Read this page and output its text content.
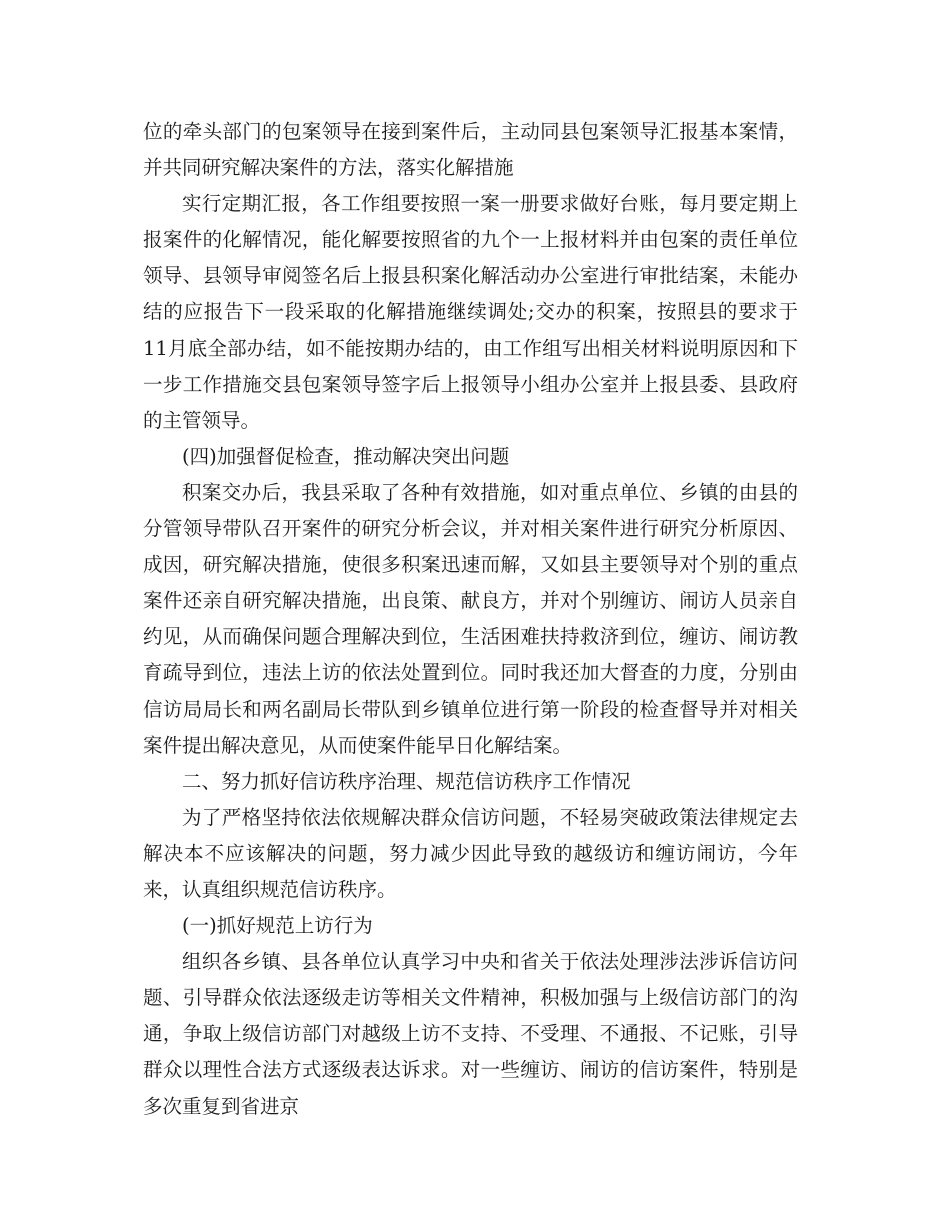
位的牵头部门的包案领导在接到案件后，主动同县包案领导汇报基本案情，并共同研究解决案件的方法，落实化解措施

实行定期汇报，各工作组要按照一案一册要求做好台账，每月要定期上报案件的化解情况，能化解要按照省的九个一上报材料并由包案的责任单位领导、县领导审阅签名后上报县积案化解活动办公室进行审批结案，未能办结的应报告下一段采取的化解措施继续调处;交办的积案，按照县的要求于11月底全部办结，如不能按期办结的，由工作组写出相关材料说明原因和下一步工作措施交县包案领导签字后上报领导小组办公室并上报县委、县政府的主管领导。

(四)加强督促检查，推动解决突出问题

积案交办后，我县采取了各种有效措施，如对重点单位、乡镇的由县的分管领导带队召开案件的研究分析会议，并对相关案件进行研究分析原因、成因，研究解决措施，使很多积案迅速而解，又如县主要领导对个别的重点案件还亲自研究解决措施，出良策、献良方，并对个别缠访、闹访人员亲自约见，从而确保问题合理解决到位，生活困难扶持救济到位，缠访、闹访教育疏导到位，违法上访的依法处置到位。同时我还加大督查的力度，分别由信访局局长和两名副局长带队到乡镇单位进行第一阶段的检查督导并对相关案件提出解决意见，从而使案件能早日化解结案。

二、努力抓好信访秩序治理、规范信访秩序工作情况

为了严格坚持依法依规解决群众信访问题，不轻易突破政策法律规定去解决本不应该解决的问题，努力减少因此导致的越级访和缠访闹访，今年来，认真组织规范信访秩序。

(一)抓好规范上访行为

组织各乡镇、县各单位认真学习中央和省关于依法处理涉法涉诉信访问题、引导群众依法逐级走访等相关文件精神，积极加强与上级信访部门的沟通，争取上级信访部门对越级上访不支持、不受理、不通报、不记账，引导群众以理性合法方式逐级表达诉求。对一些缠访、闹访的信访案件，特别是多次重复到省进京
